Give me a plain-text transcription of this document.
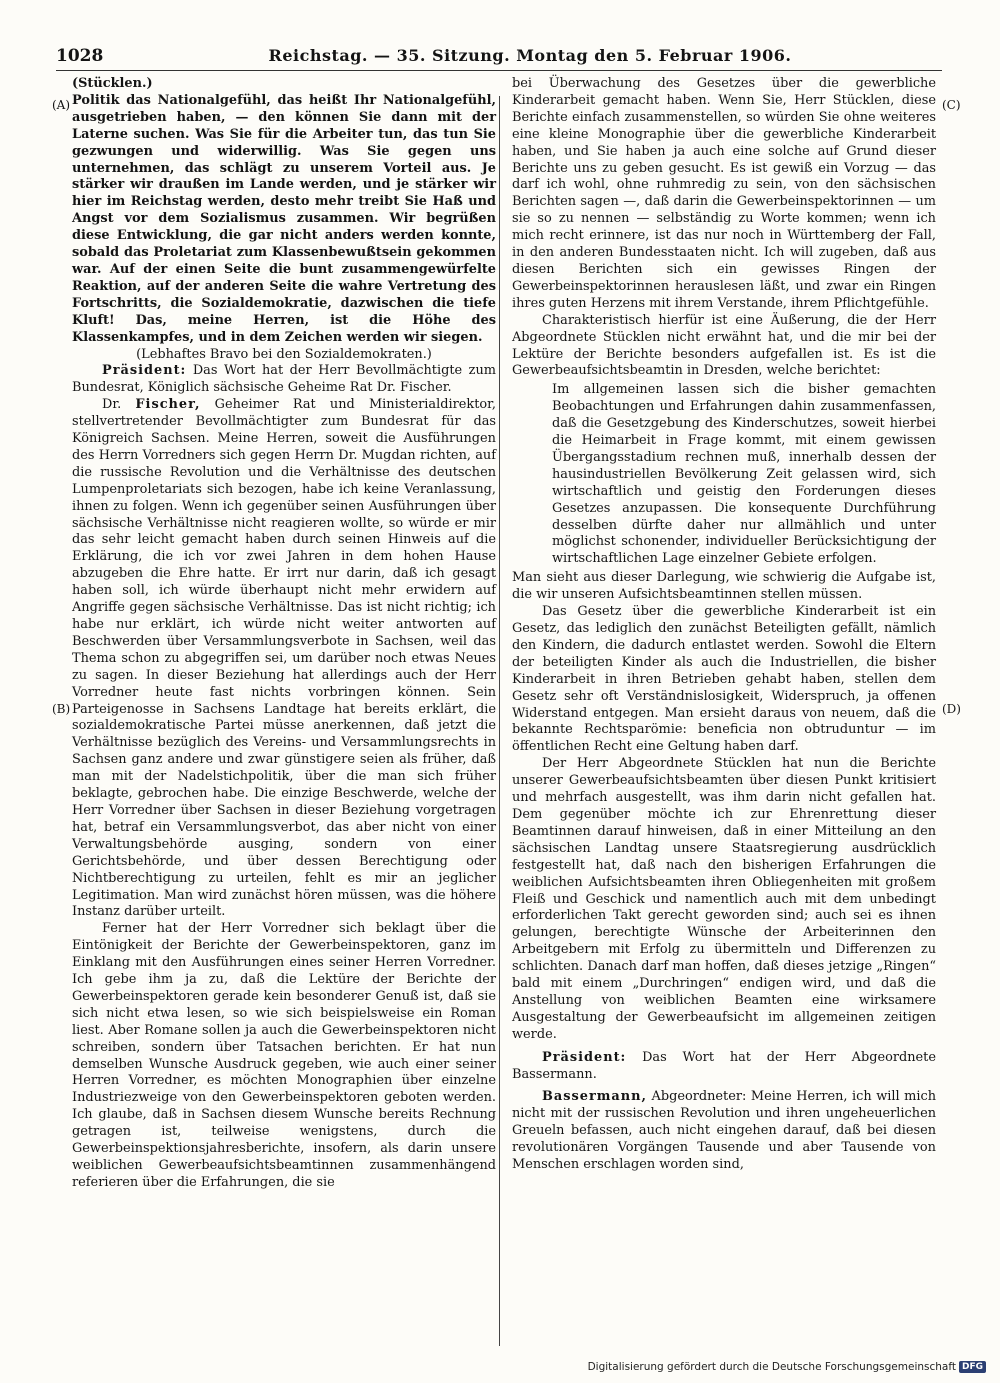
1028	Reichstag. — 35. Sitzung. Montag den 5. Februar 1906.
(A)
(B)
(C)
(D)

(Stücklen.)

Politik das Nationalgefühl, das heißt Ihr Nationalgefühl, ausgetrieben haben, — den können Sie dann mit der Laterne suchen. Was Sie für die Arbeiter tun, das tun Sie gezwungen und widerwillig. Was Sie gegen uns unternehmen, das schlägt zu unserem Vorteil aus. Je stärker wir draußen im Lande werden, und je stärker wir hier im Reichstag werden, desto mehr treibt Sie Haß und Angst vor dem Sozialismus zusammen. Wir begrüßen diese Entwicklung, die gar nicht anders werden konnte, sobald das Proletariat zum Klassenbewußtsein gekommen war. Auf der einen Seite die bunt zusammengewürfelte Reaktion, auf der anderen Seite die wahre Vertretung des Fortschritts, die Sozialdemokratie, dazwischen die tiefe Kluft! Das, meine Herren, ist die Höhe des Klassenkampfes, und in dem Zeichen werden wir siegen.

(Lebhaftes Bravo bei den Sozialdemokraten.)

Präsident: Das Wort hat der Herr Bevollmächtigte zum Bundesrat, Königlich sächsische Geheime Rat Dr. Fischer.

Dr. Fischer, Geheimer Rat und Ministerialdirektor, stellvertretender Bevollmächtigter zum Bundesrat für das Königreich Sachsen. Meine Herren, soweit die Ausführungen des Herrn Vorredners sich gegen Herrn Dr. Mugdan richten, auf die russische Revolution und die Verhältnisse des deutschen Lumpenproletariats sich bezogen, habe ich keine Veranlassung, ihnen zu folgen. Wenn ich gegenüber seinen Ausführungen über sächsische Verhältnisse nicht reagieren wollte, so würde er mir das sehr leicht gemacht haben durch seinen Hinweis auf die Erklärung, die ich vor zwei Jahren in dem hohen Hause abzugeben die Ehre hatte. Er irrt nur darin, daß ich gesagt haben soll, ich würde überhaupt nicht mehr erwidern auf Angriffe gegen sächsische Verhältnisse. Das ist nicht richtig; ich habe nur erklärt, ich würde nicht weiter antworten auf Beschwerden über Versammlungsverbote in Sachsen, weil das Thema schon zu abgegriffen sei, um darüber noch etwas Neues zu sagen. In dieser Beziehung hat allerdings auch der Herr Vorredner heute fast nichts vorbringen können. Sein Parteigenosse in Sachsens Landtage hat bereits erklärt, die sozialdemokratische Partei müsse anerkennen, daß jetzt die Verhältnisse bezüglich des Vereins- und Versammlungsrechts in Sachsen ganz andere und zwar günstigere seien als früher, daß man mit der Nadelstichpolitik, über die man sich früher beklagte, gebrochen habe. Die einzige Beschwerde, welche der Herr Vorredner über Sachsen in dieser Beziehung vorgetragen hat, betraf ein Versammlungsverbot, das aber nicht von einer Verwaltungsbehörde ausging, sondern von einer Gerichtsbehörde, und über dessen Berechtigung oder Nichtberechtigung zu urteilen, fehlt es mir an jeglicher Legitimation. Man wird zunächst hören müssen, was die höhere Instanz darüber urteilt.

Ferner hat der Herr Vorredner sich beklagt über die Eintönigkeit der Berichte der Gewerbeinspektoren, ganz im Einklang mit den Ausführungen eines seiner Herren Vorredner. Ich gebe ihm ja zu, daß die Lektüre der Berichte der Gewerbeinspektoren gerade kein besonderer Genuß ist, daß sie sich nicht etwa lesen, so wie sich beispielsweise ein Roman liest. Aber Romane sollen ja auch die Gewerbeinspektoren nicht schreiben, sondern über Tatsachen berichten. Er hat nun demselben Wunsche Ausdruck gegeben, wie auch einer seiner Herren Vorredner, es möchten Monographien über einzelne Industriezweige von den Gewerbeinspektoren geboten werden. Ich glaube, daß in Sachsen diesem Wunsche bereits Rechnung getragen ist, teilweise wenigstens, durch die Gewerbeinspektionsjahresberichte, insofern, als darin unsere weiblichen Gewerbeaufsichtsbeamtinnen zusammenhängend referieren über die Erfahrungen, die sie

bei Überwachung des Gesetzes über die gewerbliche Kinderarbeit gemacht haben. Wenn Sie, Herr Stücklen, diese Berichte einfach zusammenstellen, so würden Sie ohne weiteres eine kleine Monographie über die gewerbliche Kinderarbeit haben, und Sie haben ja auch eine solche auf Grund dieser Berichte uns zu geben gesucht. Es ist gewiß ein Vorzug — das darf ich wohl, ohne ruhmredig zu sein, von den sächsischen Berichten sagen —, daß darin die Gewerbeinspektorinnen — um sie so zu nennen — selbständig zu Worte kommen; wenn ich mich recht erinnere, ist das nur noch in Württemberg der Fall, in den anderen Bundesstaaten nicht. Ich will zugeben, daß aus diesen Berichten sich ein gewisses Ringen der Gewerbeinspektorinnen herauslesen läßt, und zwar ein Ringen ihres guten Herzens mit ihrem Verstande, ihrem Pflichtgefühle.

Charakteristisch hierfür ist eine Äußerung, die der Herr Abgeordnete Stücklen nicht erwähnt hat, und die mir bei der Lektüre der Berichte besonders aufgefallen ist. Es ist die Gewerbeaufsichtsbeamtin in Dresden, welche berichtet:

Im allgemeinen lassen sich die bisher gemachten Beobachtungen und Erfahrungen dahin zusammenfassen, daß die Gesetzgebung des Kinderschutzes, soweit hierbei die Heimarbeit in Frage kommt, mit einem gewissen Übergangsstadium rechnen muß, innerhalb dessen der hausindustriellen Bevölkerung Zeit gelassen wird, sich wirtschaftlich und geistig den Forderungen dieses Gesetzes anzupassen. Die konsequente Durchführung desselben dürfte daher nur allmählich und unter möglichst schonender, individueller Berücksichtigung der wirtschaftlichen Lage einzelner Gebiete erfolgen.

Man sieht aus dieser Darlegung, wie schwierig die Aufgabe ist, die wir unseren Aufsichtsbeamtinnen stellen müssen.

Das Gesetz über die gewerbliche Kinderarbeit ist ein Gesetz, das lediglich den zunächst Beteiligten gefällt, nämlich den Kindern, die dadurch entlastet werden. Sowohl die Eltern der beteiligten Kinder als auch die Industriellen, die bisher Kinderarbeit in ihren Betrieben gehabt haben, stellen dem Gesetz sehr oft Verständnislosigkeit, Widerspruch, ja offenen Widerstand entgegen. Man ersieht daraus von neuem, daß die bekannte Rechtsparömie: beneficia non obtruduntur — im öffentlichen Recht eine Geltung haben darf.

Der Herr Abgeordnete Stücklen hat nun die Berichte unserer Gewerbeaufsichtsbeamten über diesen Punkt kritisiert und mehrfach ausgestellt, was ihm darin nicht gefallen hat. Dem gegenüber möchte ich zur Ehrenrettung dieser Beamtinnen darauf hinweisen, daß in einer Mitteilung an den sächsischen Landtag unsere Staatsregierung ausdrücklich festgestellt hat, daß nach den bisherigen Erfahrungen die weiblichen Aufsichtsbeamten ihren Obliegenheiten mit großem Fleiß und Geschick und namentlich auch mit dem unbedingt erforderlichen Takt gerecht geworden sind; auch sei es ihnen gelungen, berechtigte Wünsche der Arbeiterinnen den Arbeitgebern mit Erfolg zu übermitteln und Differenzen zu schlichten. Danach darf man hoffen, daß dieses jetzige „Ringen“ bald mit einem „Durchringen“ endigen wird, und daß die Anstellung von weiblichen Beamten eine wirksamere Ausgestaltung der Gewerbeaufsicht im allgemeinen zeitigen werde.

Präsident: Das Wort hat der Herr Abgeordnete Bassermann.

Bassermann, Abgeordneter: Meine Herren, ich will mich nicht mit der russischen Revolution und ihren ungeheuerlichen Greueln befassen, auch nicht eingehen darauf, daß bei diesen revolutionären Vorgängen Tausende und aber Tausende von Menschen erschlagen worden sind,

Digitalisierung gefördert durch die Deutsche Forschungsgemeinschaft DFG
